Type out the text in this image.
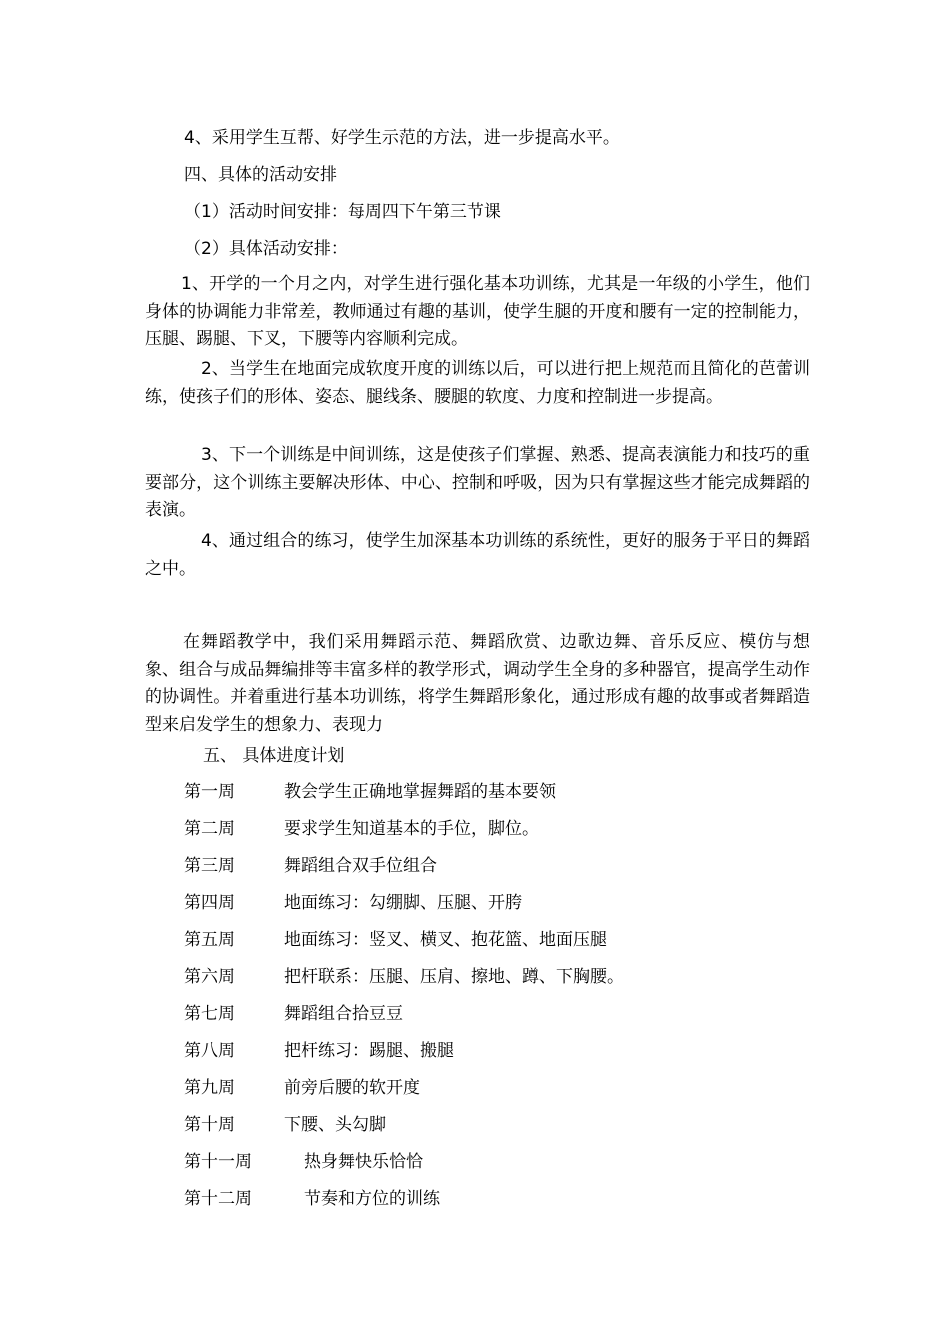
4、采用学生互帮、好学生示范的方法，进一步提高水平。

四、具体的活动安排

（1）活动时间安排：每周四下午第三节课

（2）具体活动安排：

1、开学的一个月之内，对学生进行强化基本功训练，尤其是一年级的小学生，他们身体的协调能力非常差，教师通过有趣的基训，使学生腿的开度和腰有一定的控制能力，压腿、踢腿、下叉，下腰等内容顺利完成。

2、当学生在地面完成软度开度的训练以后，可以进行把上规范而且简化的芭蕾训练，使孩子们的形体、姿态、腿线条、腰腿的软度、力度和控制进一步提高。

3、下一个训练是中间训练，这是使孩子们掌握、熟悉、提高表演能力和技巧的重要部分，这个训练主要解决形体、中心、控制和呼吸，因为只有掌握这些才能完成舞蹈的表演。

4、通过组合的练习，使学生加深基本功训练的系统性，更好的服务于平日的舞蹈之中。

在舞蹈教学中，我们采用舞蹈示范、舞蹈欣赏、边歌边舞、音乐反应、模仿与想象、组合与成品舞编排等丰富多样的教学形式，调动学生全身的多种器官，提高学生动作的协调性。并着重进行基本功训练，将学生舞蹈形象化，通过形成有趣的故事或者舞蹈造型来启发学生的想象力、表现力

五、 具体进度计划

第一周	教会学生正确地掌握舞蹈的基本要领
第二周	要求学生知道基本的手位，脚位。
第三周	舞蹈组合双手位组合
第四周	地面练习：勾绷脚、压腿、开胯
第五周	地面练习：竖叉、横叉、抱花篮、地面压腿
第六周	把杆联系：压腿、压肩、擦地、蹲、下胸腰。
第七周	舞蹈组合拾豆豆
第八周	把杆练习：踢腿、搬腿
第九周	前旁后腰的软开度
第十周	下腰、头勾脚
第十一周	热身舞快乐恰恰
第十二周	节奏和方位的训练
